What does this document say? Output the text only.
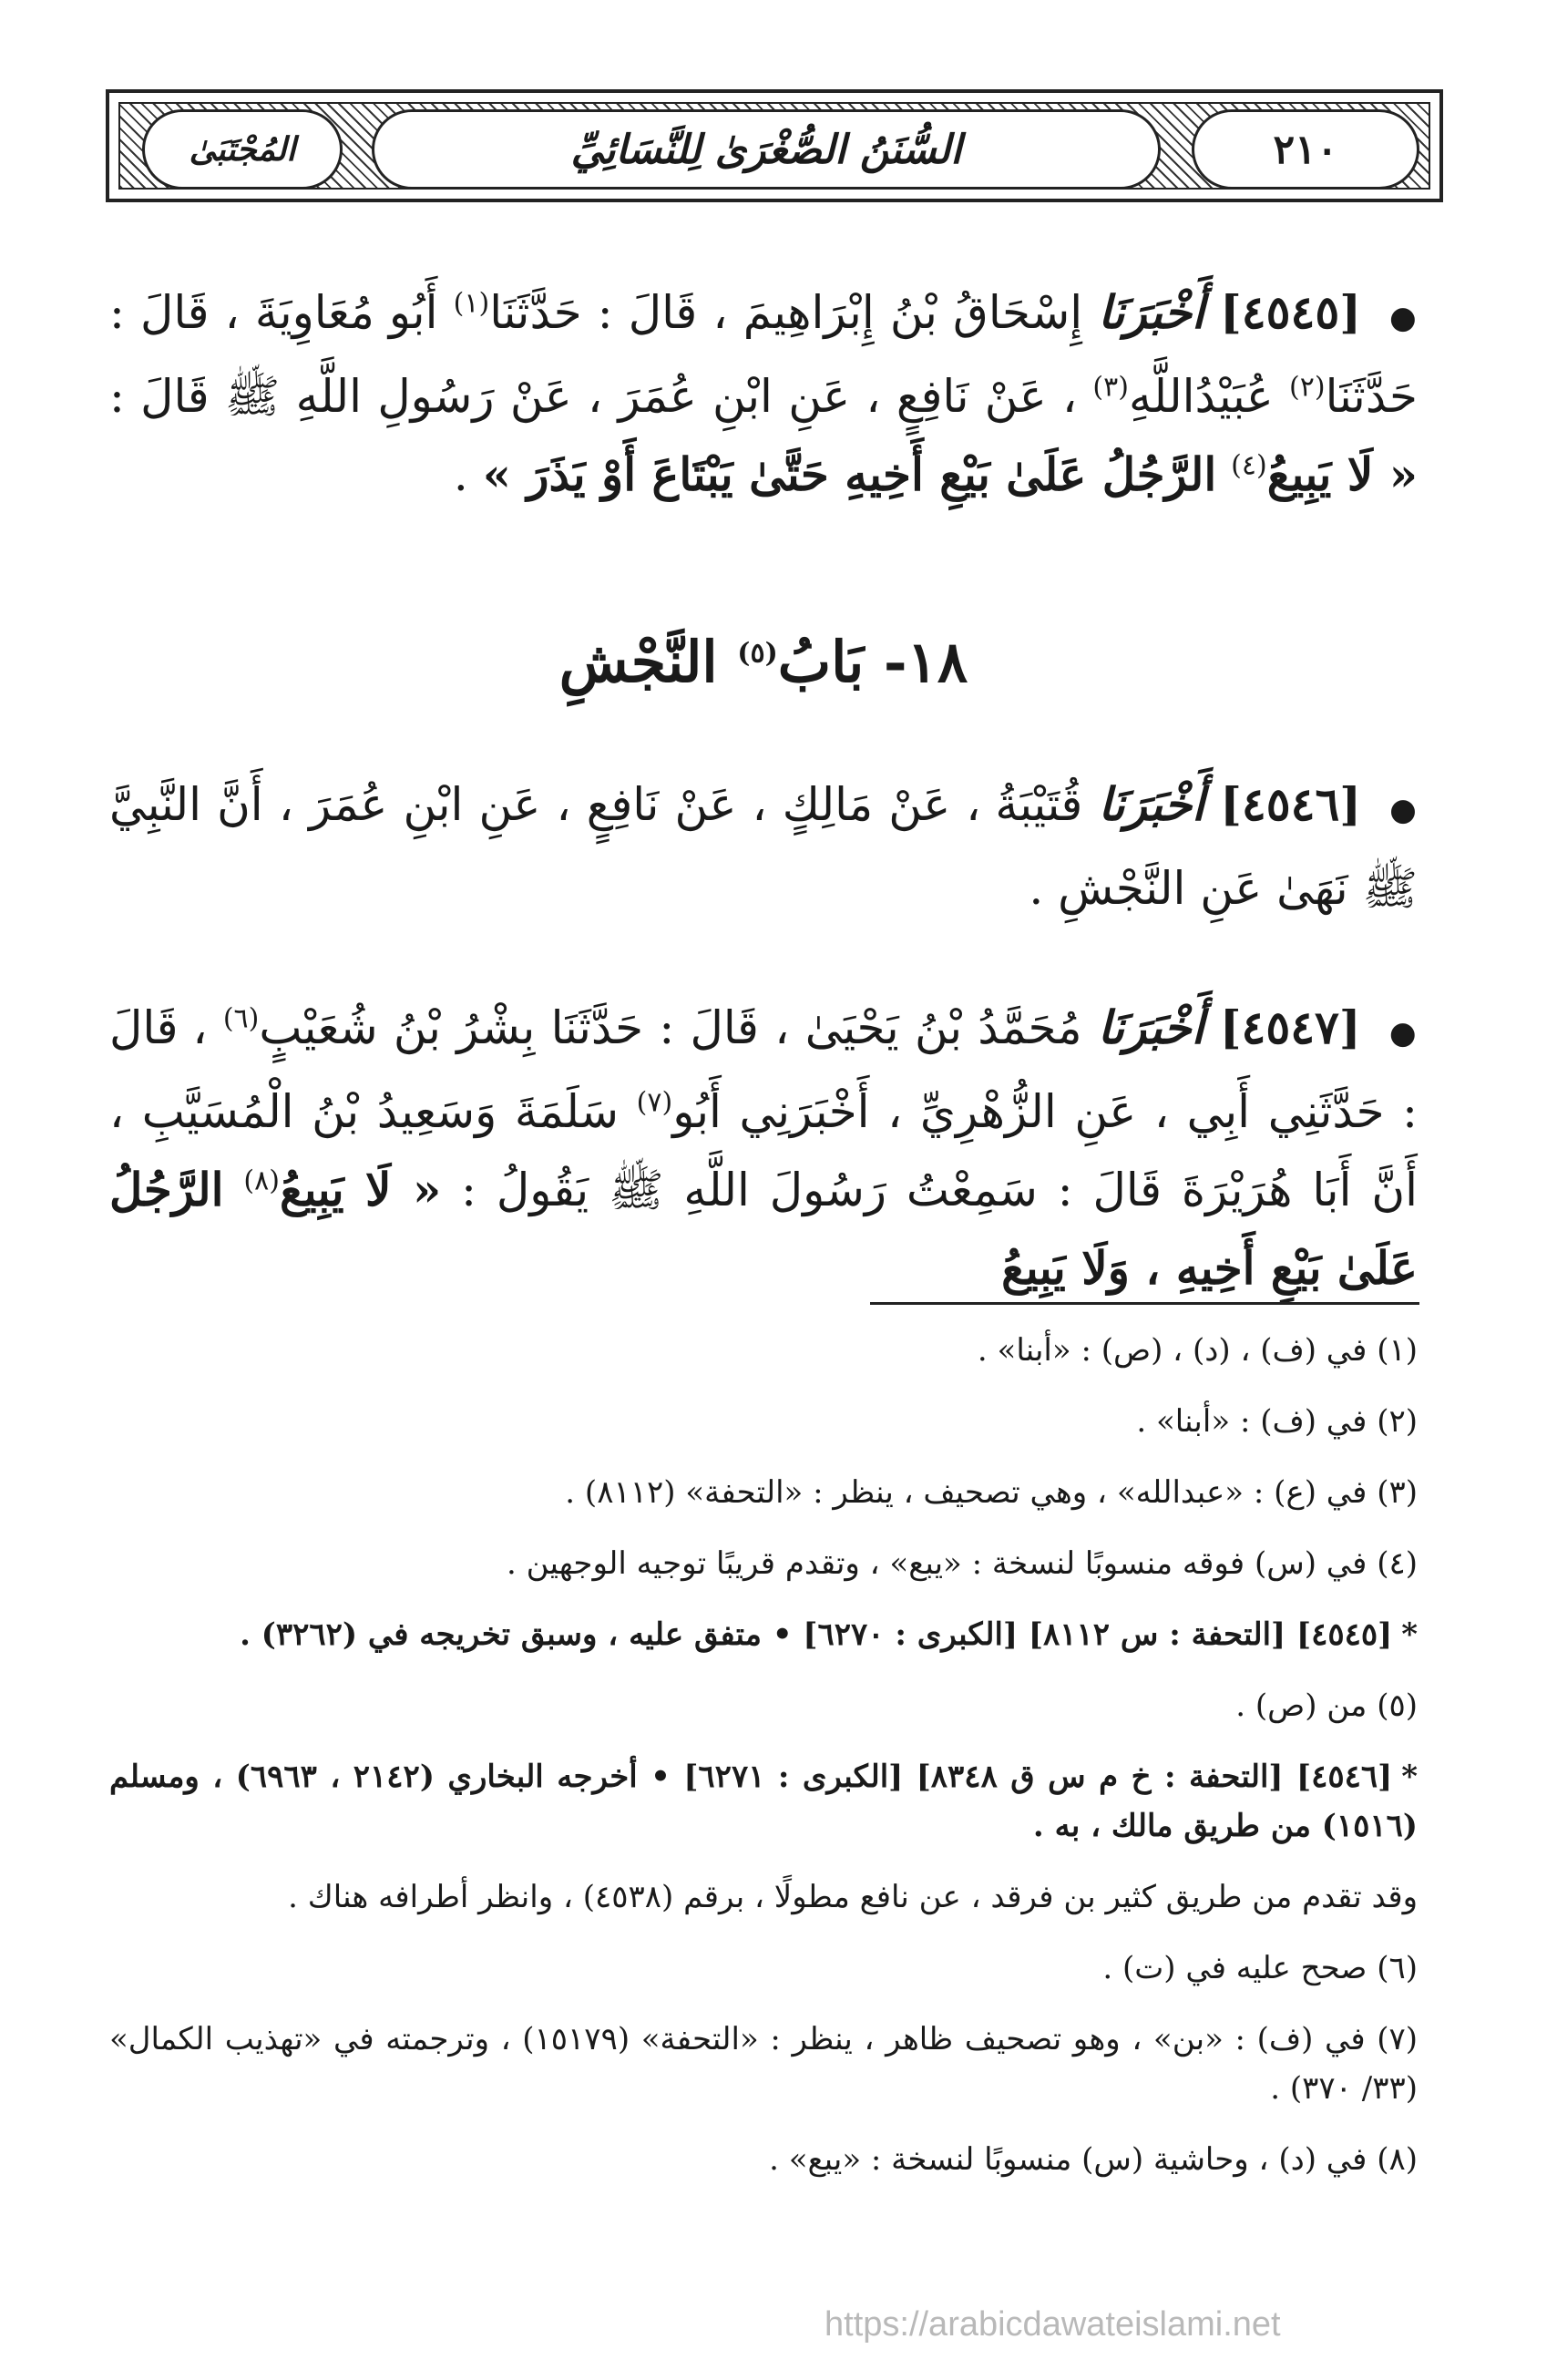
المُجْتَبَىٰ	السُّنَنُ الصُّغْرَىٰ لِلنَّسَائِيِّ	٢١٠
● [٤٥٤٥] أَخْبَرَنَا إِسْحَاقُ بْنُ إِبْرَاهِيمَ ، قَالَ : حَدَّثَنَا$^{(١)}$ أَبُو مُعَاوِيَةَ ، قَالَ : حَدَّثَنَا$^{(٢)}$ عُبَيْدُاللَّهِ$^{(٣)}$ ، عَنْ نَافِعٍ ، عَنِ ابْنِ عُمَرَ ، عَنْ رَسُولِ اللَّهِ ﷺ قَالَ : « لَا يَبِيعُ$^{(٤)}$ الرَّجُلُ عَلَىٰ بَيْعِ أَخِيهِ حَتَّىٰ يَبْتَاعَ أَوْ يَذَرَ » .
١٨- بَابُ$^{(٥)}$ النَّجْشِ
● [٤٥٤٦] أَخْبَرَنَا قُتَيْبَةُ ، عَنْ مَالِكٍ ، عَنْ نَافِعٍ ، عَنِ ابْنِ عُمَرَ ، أَنَّ النَّبِيَّ ﷺ نَهَىٰ عَنِ النَّجْشِ .
● [٤٥٤٧] أَخْبَرَنَا مُحَمَّدُ بْنُ يَحْيَىٰ ، قَالَ : حَدَّثَنَا بِشْرُ بْنُ شُعَيْبٍ$^{(٦)}$ ، قَالَ : حَدَّثَنِي أَبِي ، عَنِ الزُّهْرِيِّ ، أَخْبَرَنِي أَبُو$^{(٧)}$ سَلَمَةَ وَسَعِيدُ بْنُ الْمُسَيَّبِ ، أَنَّ أَبَا هُرَيْرَةَ قَالَ : سَمِعْتُ رَسُولَ اللَّهِ ﷺ يَقُولُ : « لَا يَبِيعُ$^{(٨)}$ الرَّجُلُ عَلَىٰ بَيْعِ أَخِيهِ ، وَلَا يَبِيعُ

(١) في (ف) ، (د) ، (ص) : «أبنا» .

(٢) في (ف) : «أبنا» .

(٣) في (ع) : «عبدالله» ، وهي تصحيف ، ينظر : «التحفة» (٨١١٢) .

(٤) في (س) فوقه منسوبًا لنسخة : «يبع» ، وتقدم قريبًا توجيه الوجهين .

*[٤٥٤٥] [التحفة : س ٨١١٢] [الكبرى : ٦٢٧٠] • متفق عليه ، وسبق تخريجه في (٣٢٦٢) .

(٥) من (ص) .

*[٤٥٤٦] [التحفة : خ م س ق ٨٣٤٨] [الكبرى : ٦٢٧١] • أخرجه البخاري (٢١٤٢ ، ٦٩٦٣) ، ومسلم (١٥١٦) من طريق مالك ، به .

وقد تقدم من طريق كثير بن فرقد ، عن نافع مطولًا ، برقم (٤٥٣٨) ، وانظر أطرافه هناك .

(٦) صحح عليه في (ت) .

(٧) في (ف) : «بن» ، وهو تصحيف ظاهر ، ينظر : «التحفة» (١٥١٧٩) ، وترجمته في «تهذيب الكمال» (٣٣/ ٣٧٠) .

(٨) في (د) ، وحاشية (س) منسوبًا لنسخة : «يبع» .

https://arabicdawateislami.net
